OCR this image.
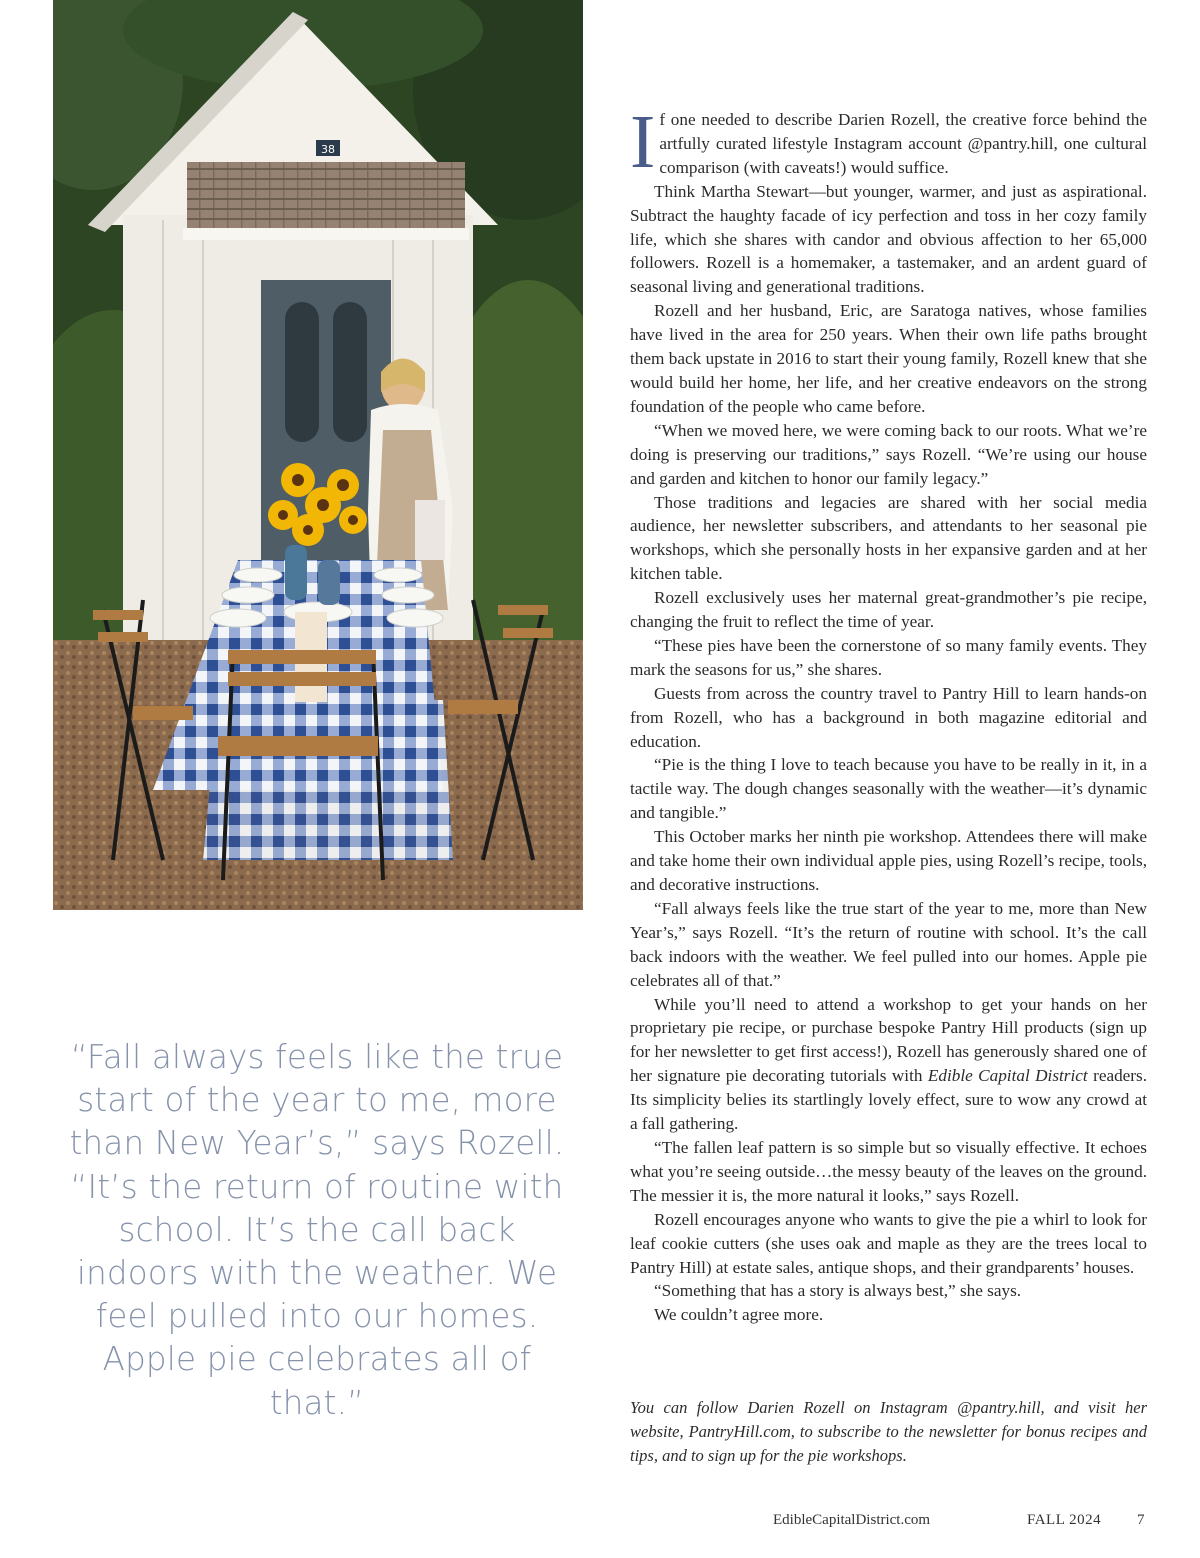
38

“Fall always feels like the true start of the year to me, more than New Year’s,” says Rozell. “It’s the return of routine with school. It’s the call back indoors with the weather. We feel pulled into our homes. Apple pie celebrates all of that.”

If one needed to describe Darien Rozell, the creative force behind the artfully curated lifestyle Instagram account @pantry.hill, one cultural comparison (with caveats!) would suffice.

Think Martha Stewart—but younger, warmer, and just as aspirational. Subtract the haughty facade of icy perfection and toss in her cozy family life, which she shares with candor and obvious affection to her 65,000 followers. Rozell is a homemaker, a tastemaker, and an ardent guard of seasonal living and generational traditions.

Rozell and her husband, Eric, are Saratoga natives, whose families have lived in the area for 250 years. When their own life paths brought them back upstate in 2016 to start their young family, Rozell knew that she would build her home, her life, and her creative endeavors on the strong foundation of the people who came before.

“When we moved here, we were coming back to our roots. What we’re doing is preserving our traditions,” says Rozell. “We’re using our house and garden and kitchen to honor our family legacy.”

Those traditions and legacies are shared with her social media audience, her newsletter subscribers, and attendants to her seasonal pie workshops, which she personally hosts in her expansive garden and at her kitchen table.

Rozell exclusively uses her maternal great-grandmother’s pie recipe, changing the fruit to reflect the time of year.

“These pies have been the cornerstone of so many family events. They mark the seasons for us,” she shares.

Guests from across the country travel to Pantry Hill to learn hands-on from Rozell, who has a background in both magazine editorial and education.

“Pie is the thing I love to teach because you have to be really in it, in a tactile way. The dough changes seasonally with the weather—it’s dynamic and tangible.”

This October marks her ninth pie workshop. Attendees there will make and take home their own individual apple pies, using Rozell’s recipe, tools, and decorative instructions.

“Fall always feels like the true start of the year to me, more than New Year’s,” says Rozell. “It’s the return of routine with school. It’s the call back indoors with the weather. We feel pulled into our homes. Apple pie celebrates all of that.”

While you’ll need to attend a workshop to get your hands on her proprietary pie recipe, or purchase bespoke Pantry Hill products (sign up for her newsletter to get first access!), Rozell has generously shared one of her signature pie decorating tutorials with Edible Capital District readers. Its simplicity belies its startlingly lovely effect, sure to wow any crowd at a fall gathering.

“The fallen leaf pattern is so simple but so visually effective. It echoes what you’re seeing outside…the messy beauty of the leaves on the ground. The messier it is, the more natural it looks,” says Rozell.

Rozell encourages anyone who wants to give the pie a whirl to look for leaf cookie cutters (she uses oak and maple as they are the trees local to Pantry Hill) at estate sales, antique shops, and their grandparents’ houses.

“Something that has a story is always best,” she says.

We couldn’t agree more.

You can follow Darien Rozell on Instagram @pantry.hill, and visit her website, PantryHill.com, to subscribe to the newsletter for bonus recipes and tips, and to sign up for the pie workshops.

EdibleCapitalDistrict.com	FALL 2024 7
